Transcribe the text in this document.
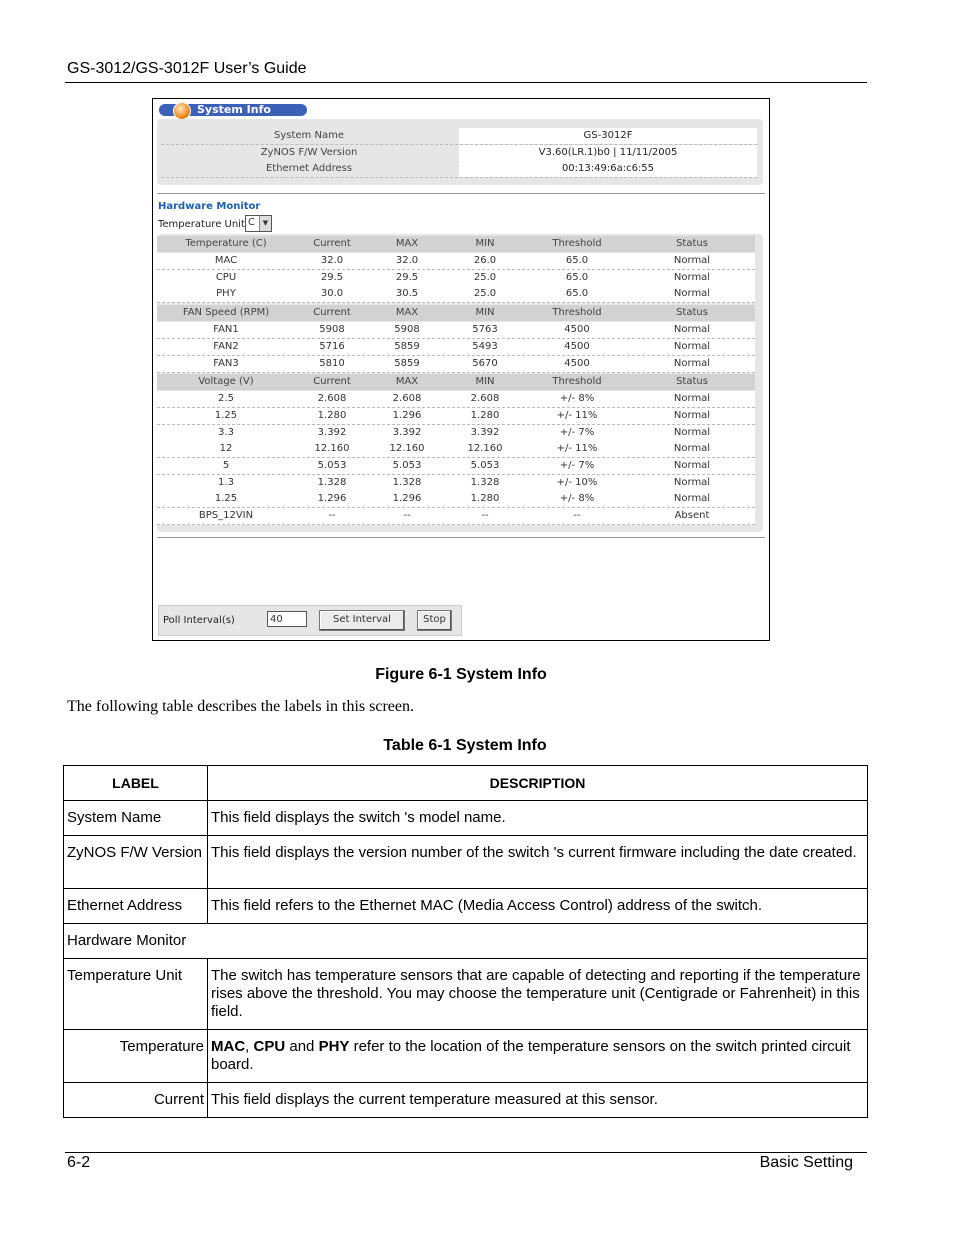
GS-3012/GS-3012F User’s Guide
System Info
System Name	GS-3012F
ZyNOS F/W Version	V3.60(LR.1)b0 | 11/11/2005
Ethernet Address	00:13:49:6a:c6:55
Hardware Monitor
Temperature Unit C	▼
Temperature (C)	Current	MAX	MIN	Threshold	Status
MAC	32.0	32.0	26.0	65.0	Normal
CPU	29.5	29.5	25.0	65.0	Normal
PHY	30.0	30.5	25.0	65.0	Normal
FAN Speed (RPM)	Current	MAX	MIN	Threshold	Status
FAN1	5908	5908	5763	4500	Normal
FAN2	5716	5859	5493	4500	Normal
FAN3	5810	5859	5670	4500	Normal
Voltage (V)	Current	MAX	MIN	Threshold	Status
2.5	2.608	2.608	2.608	+/- 8%	Normal
1.25	1.280	1.296	1.280	+/- 11%	Normal
3.3	3.392	3.392	3.392	+/- 7%	Normal
12	12.160	12.160	12.160	+/- 11%	Normal
5	5.053	5.053	5.053	+/- 7%	Normal
1.3	1.328	1.328	1.328	+/- 10%	Normal
1.25	1.296	1.296	1.280	+/- 8%	Normal
BPS_12VIN	--	--	--	--	Absent
Poll Interval(s)	40	Set Interval	Stop
Figure 6-1 System Info
The following table describes the labels in this screen.
Table 6-1 System Info
LABEL	DESCRIPTION
System Name	This field displays the switch 's model name.
ZyNOS F/W Version	This field displays the version number of the switch 's current firmware including the date created.
Ethernet Address	This field refers to the Ethernet MAC (Media Access Control) address of the switch.
Hardware Monitor	
Temperature Unit	The switch has temperature sensors that are capable of detecting and reporting if the temperature rises above the threshold. You may choose the temperature unit (Centigrade or Fahrenheit) in this field.
Temperature	MAC, CPU and PHY refer to the location of the temperature sensors on the switch printed circuit board.
Current	This field displays the current temperature measured at this sensor.
6-2	Basic Setting
